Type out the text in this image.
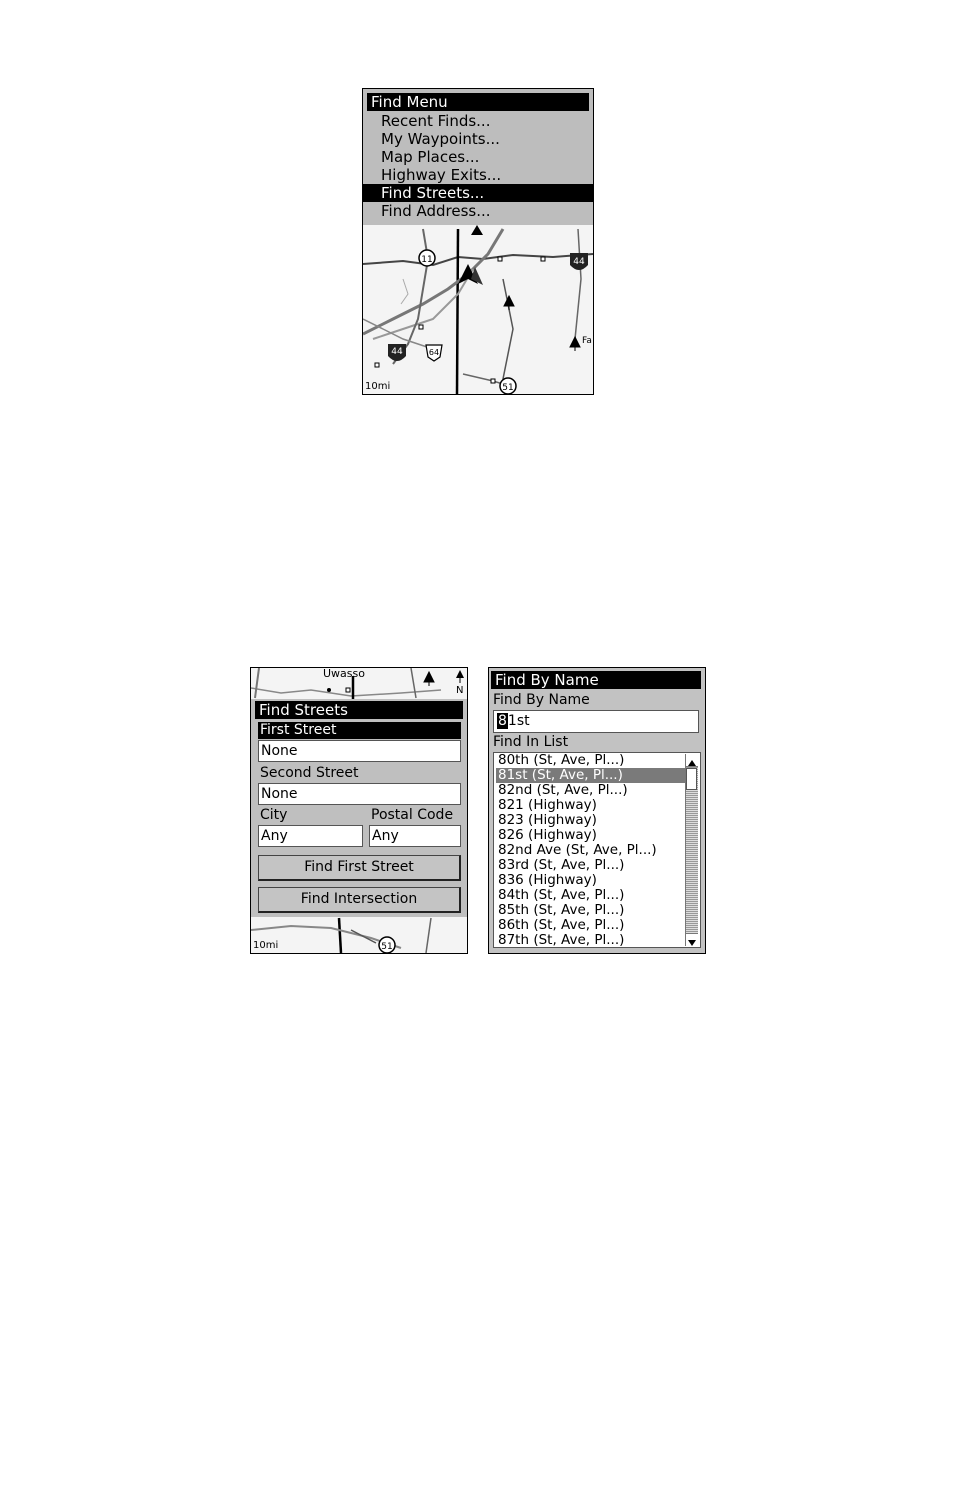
11	44
44	64
51
Fa
Find Menu
Recent Finds...
My Waypoints...
Map Places...
Highway Exits...
Find Streets...
Find Address...
10mi
Uwasso
N
51
Find Streets
First Street
None
Second Street
None
City	Postal Code
Any	Any
Find First Street
Find Intersection
10mi
Find By Name
Find By Name
81st
Find In List
80th (St, Ave, Pl...)
81st (St, Ave, Pl...)
82nd (St, Ave, Pl...)
821 (Highway)
823 (Highway)
826 (Highway)
82nd Ave (St, Ave, Pl...)
83rd (St, Ave, Pl...)
836 (Highway)
84th (St, Ave, Pl...)
85th (St, Ave, Pl...)
86th (St, Ave, Pl...)
87th (St, Ave, Pl...)
